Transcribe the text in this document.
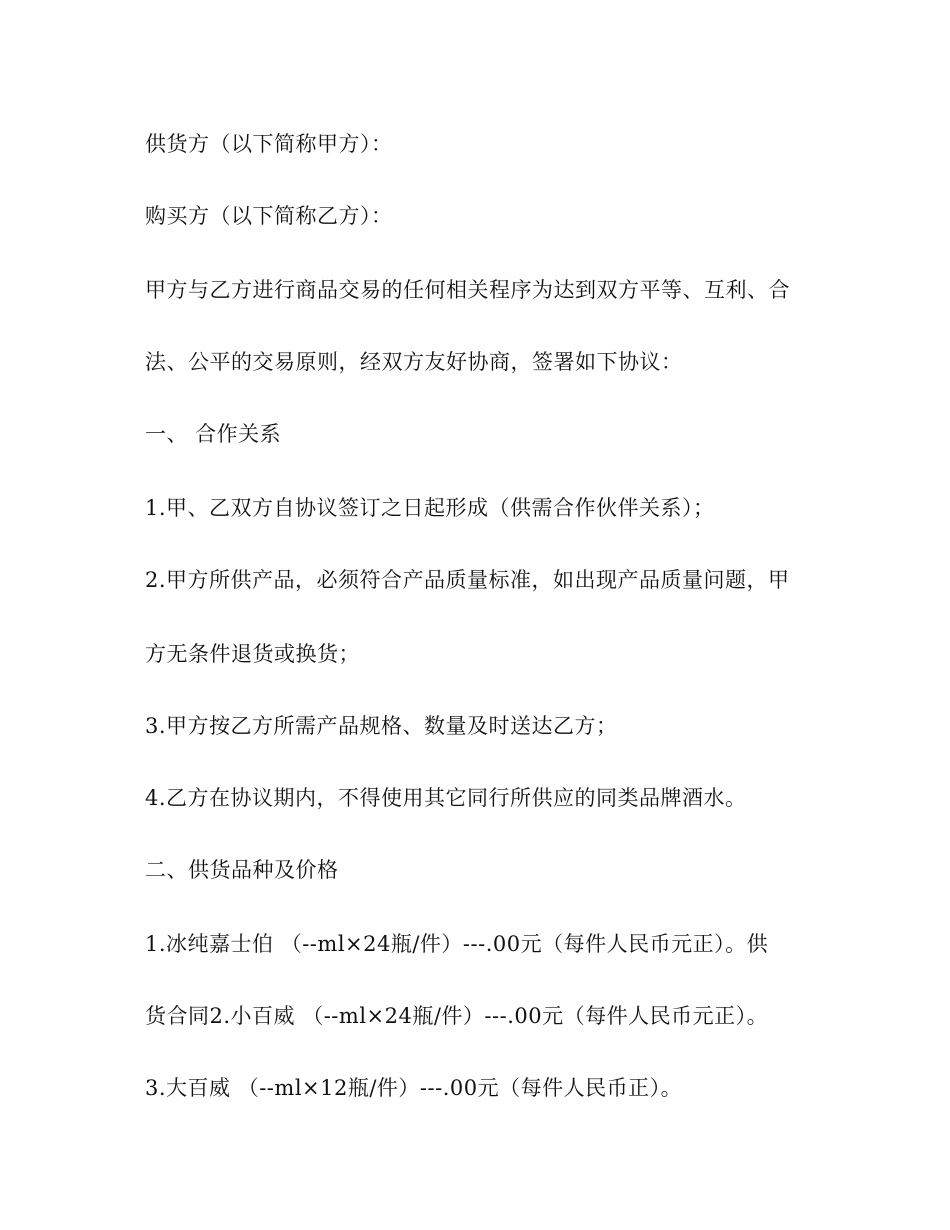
供货方（以下简称甲方）：
购买方（以下简称乙方）：
甲方与乙方进行商品交易的任何相关程序为达到双方平等、互利、合
法、公平的交易原则，经双方友好协商，签署如下协议：
一、 合作关系
1.甲、乙双方自协议签订之日起形成（供需合作伙伴关系）；
2.甲方所供产品，必须符合产品质量标准，如出现产品质量问题，甲
方无条件退货或换货；
3.甲方按乙方所需产品规格、数量及时送达乙方；
4.乙方在协议期内，不得使用其它同行所供应的同类品牌酒水。
二、供货品种及价格
1.冰纯嘉士伯 （--ml×24瓶/件）---.00元（每件人民币元正）。供
货合同2.小百威 （--ml×24瓶/件）---.00元（每件人民币元正）。
3.大百威 （--ml×12瓶/件）---.00元（每件人民币正）。
